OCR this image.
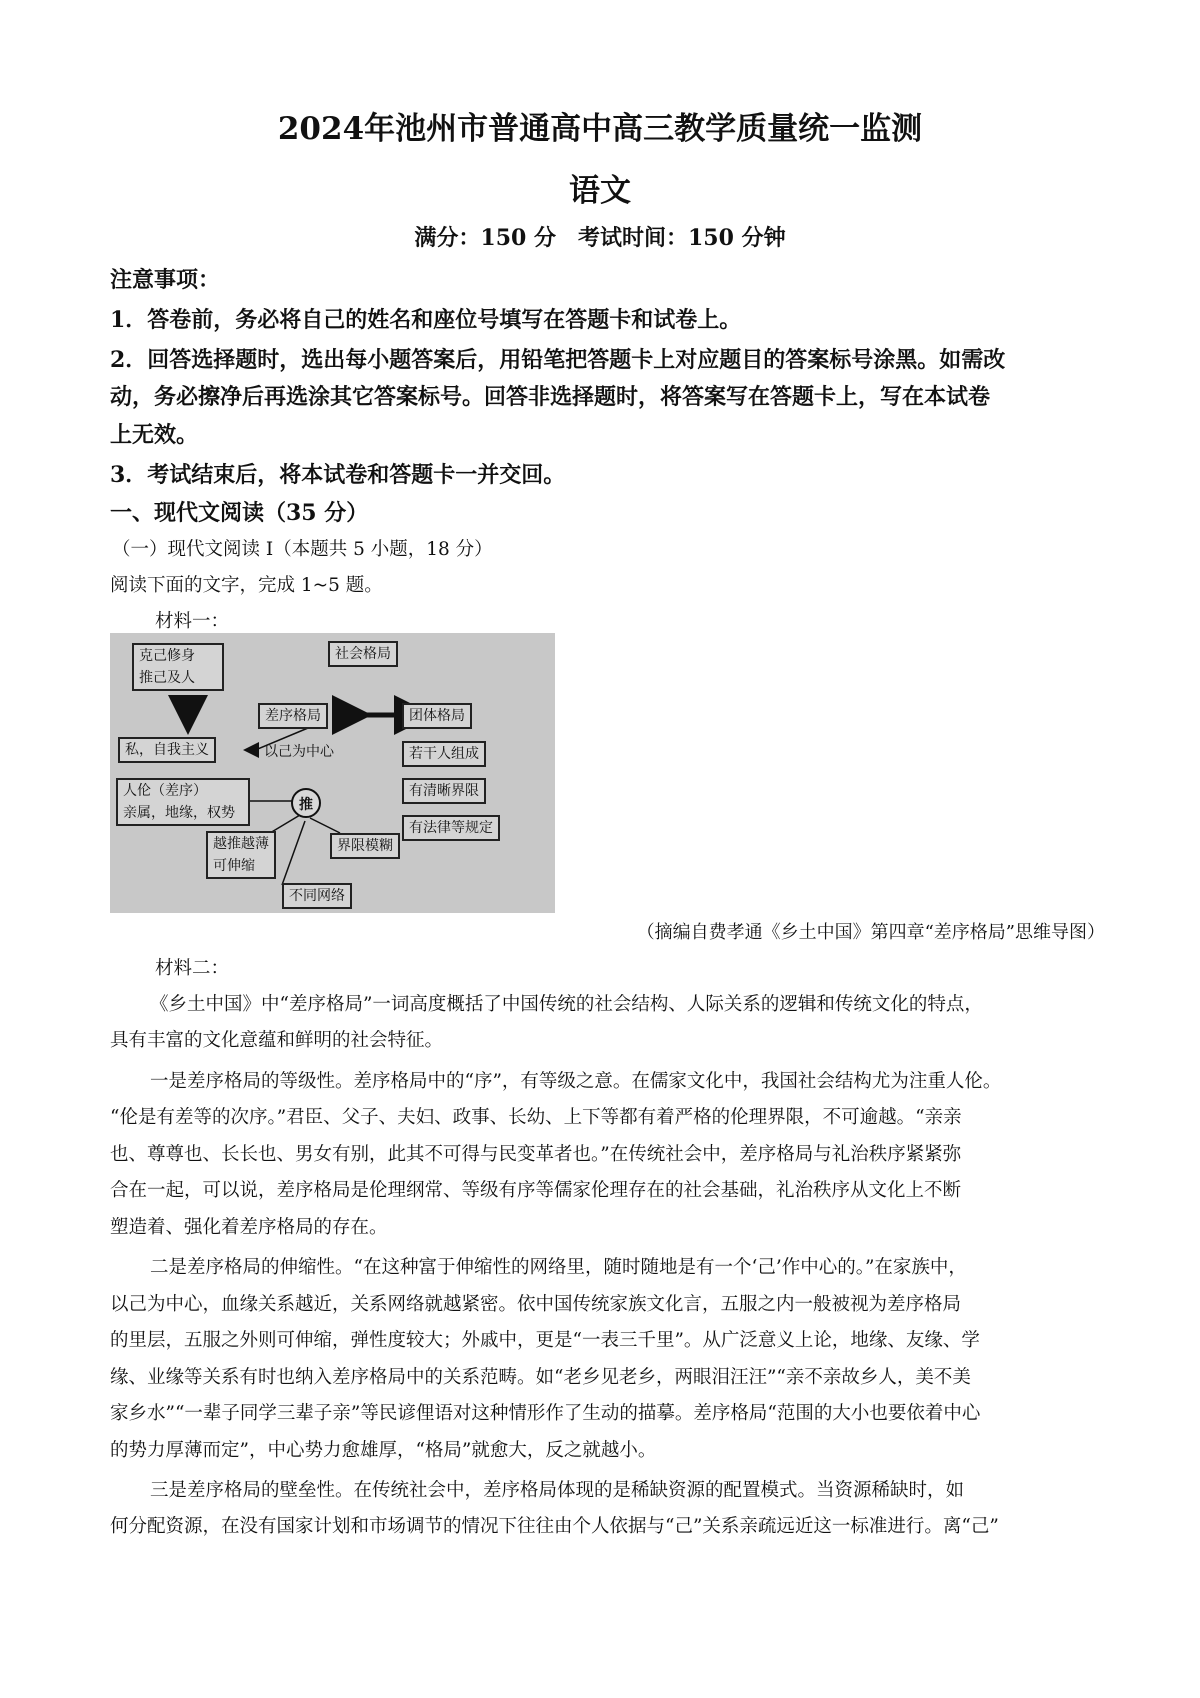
2024年池州市普通高中高三教学质量统一监测
语文
满分：150 分　考试时间：150 分钟
注意事项：
1．答卷前，务必将自己的姓名和座位号填写在答题卡和试卷上。
2．回答选择题时，选出每小题答案后，用铅笔把答题卡上对应题目的答案标号涂黑。如需改
动，务必擦净后再选涂其它答案标号。回答非选择题时，将答案写在答题卡上，写在本试卷
上无效。
3．考试结束后，将本试卷和答题卡一并交回。
一、现代文阅读（35 分）
（一）现代文阅读 I（本题共 5 小题，18 分）
阅读下面的文字，完成 1~5 题。
材料一：
克己修身
推己及人
社会格局
差序格局	团体格局
私，自我主义	以己为中心	若干人组成
人伦（差序）
亲属，地缘，权势	推
有清晰界限
有法律等规定
越推越薄
可伸缩
界限模糊
不同网络
（摘编自费孝通《乡土中国》第四章“差序格局”思维导图）
材料二：
《乡土中国》中“差序格局”一词高度概括了中国传统的社会结构、人际关系的逻辑和传统文化的特点，
具有丰富的文化意蕴和鲜明的社会特征。
一是差序格局的等级性。差序格局中的“序”，有等级之意。在儒家文化中，我国社会结构尤为注重人伦。
“伦是有差等的次序。”君臣、父子、夫妇、政事、长幼、上下等都有着严格的伦理界限，不可逾越。“亲亲
也、尊尊也、长长也、男女有别，此其不可得与民变革者也。”在传统社会中，差序格局与礼治秩序紧紧弥
合在一起，可以说，差序格局是伦理纲常、等级有序等儒家伦理存在的社会基础，礼治秩序从文化上不断
塑造着、强化着差序格局的存在。
二是差序格局的伸缩性。“在这种富于伸缩性的网络里，随时随地是有一个‘己’作中心的。”在家族中，
以己为中心，血缘关系越近，关系网络就越紧密。依中国传统家族文化言，五服之内一般被视为差序格局
的里层，五服之外则可伸缩，弹性度较大；外戚中，更是“一表三千里”。从广泛意义上论，地缘、友缘、学
缘、业缘等关系有时也纳入差序格局中的关系范畴。如“老乡见老乡，两眼泪汪汪”“亲不亲故乡人，美不美
家乡水”“一辈子同学三辈子亲”等民谚俚语对这种情形作了生动的描摹。差序格局“范围的大小也要依着中心
的势力厚薄而定”，中心势力愈雄厚，“格局”就愈大，反之就越小。
三是差序格局的壁垒性。在传统社会中，差序格局体现的是稀缺资源的配置模式。当资源稀缺时，如
何分配资源，在没有国家计划和市场调节的情况下往往由个人依据与“己”关系亲疏远近这一标准进行。离“己”
